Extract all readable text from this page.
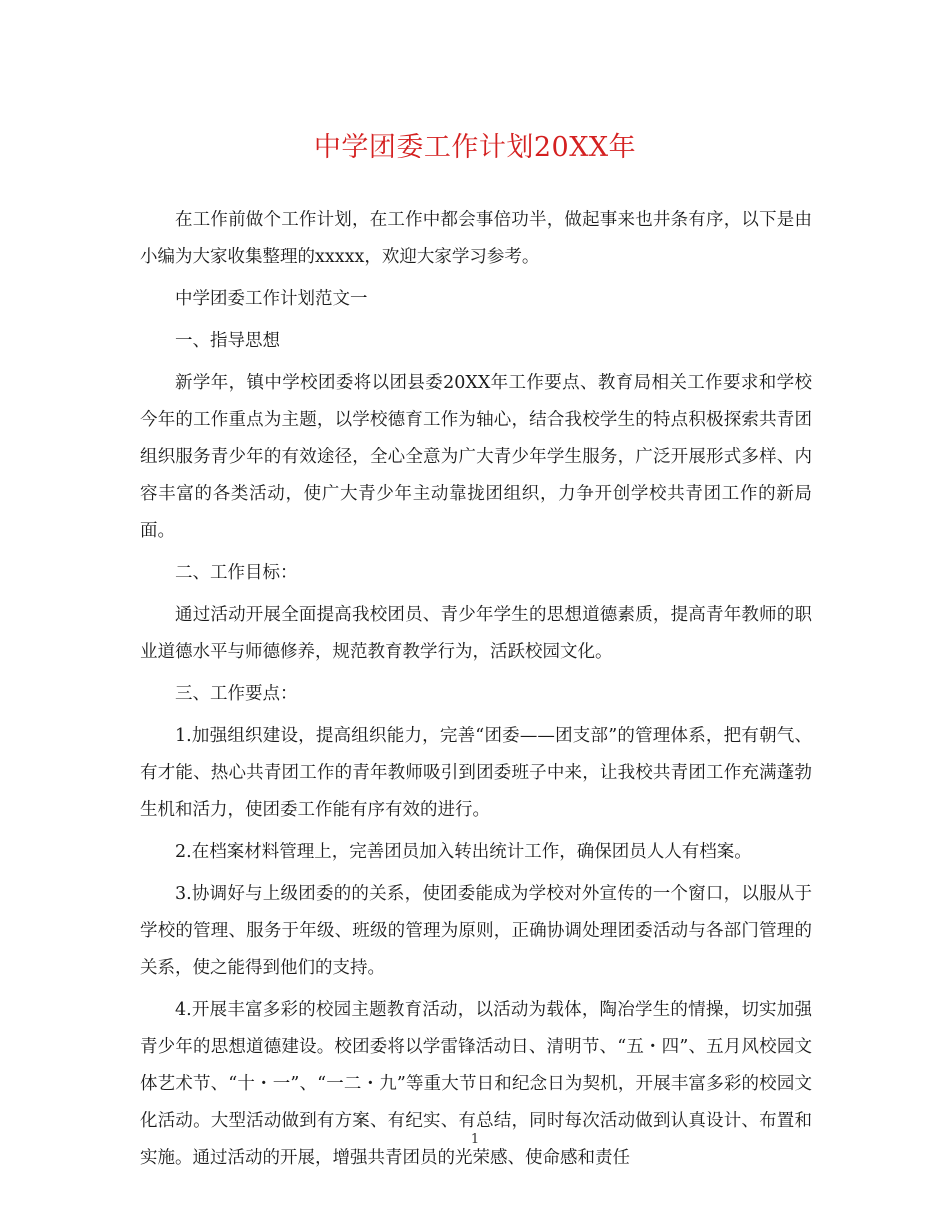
中学团委工作计划20XX年

在工作前做个工作计划，在工作中都会事倍功半，做起事来也井条有序，以下是由小编为大家收集整理的xxxxx，欢迎大家学习参考。

中学团委工作计划范文一

一、指导思想

新学年，镇中学校团委将以团县委20XX年工作要点、教育局相关工作要求和学校今年的工作重点为主题，以学校德育工作为轴心，结合我校学生的特点积极探索共青团组织服务青少年的有效途径，全心全意为广大青少年学生服务，广泛开展形式多样、内容丰富的各类活动，使广大青少年主动靠拢团组织，力争开创学校共青团工作的新局面。

二、工作目标：

通过活动开展全面提高我校团员、青少年学生的思想道德素质，提高青年教师的职业道德水平与师德修养，规范教育教学行为，活跃校园文化。

三、工作要点：

1.加强组织建设，提高组织能力，完善“团委——团支部”的管理体系，把有朝气、有才能、热心共青团工作的青年教师吸引到团委班子中来，让我校共青团工作充满蓬勃生机和活力，使团委工作能有序有效的进行。

2.在档案材料管理上，完善团员加入转出统计工作，确保团员人人有档案。

3.协调好与上级团委的的关系，使团委能成为学校对外宣传的一个窗口，以服从于学校的管理、服务于年级、班级的管理为原则，正确协调处理团委活动与各部门管理的关系，使之能得到他们的支持。

4.开展丰富多彩的校园主题教育活动，以活动为载体，陶冶学生的情操，切实加强青少年的思想道德建设。校团委将以学雷锋活动日、清明节、“五・四”、五月风校园文体艺术节、“十・一”、“一二・九”等重大节日和纪念日为契机，开展丰富多彩的校园文化活动。大型活动做到有方案、有纪实、有总结，同时每次活动做到认真设计、布置和实施。通过活动的开展，增强共青团员的光荣感、使命感和责任

1
